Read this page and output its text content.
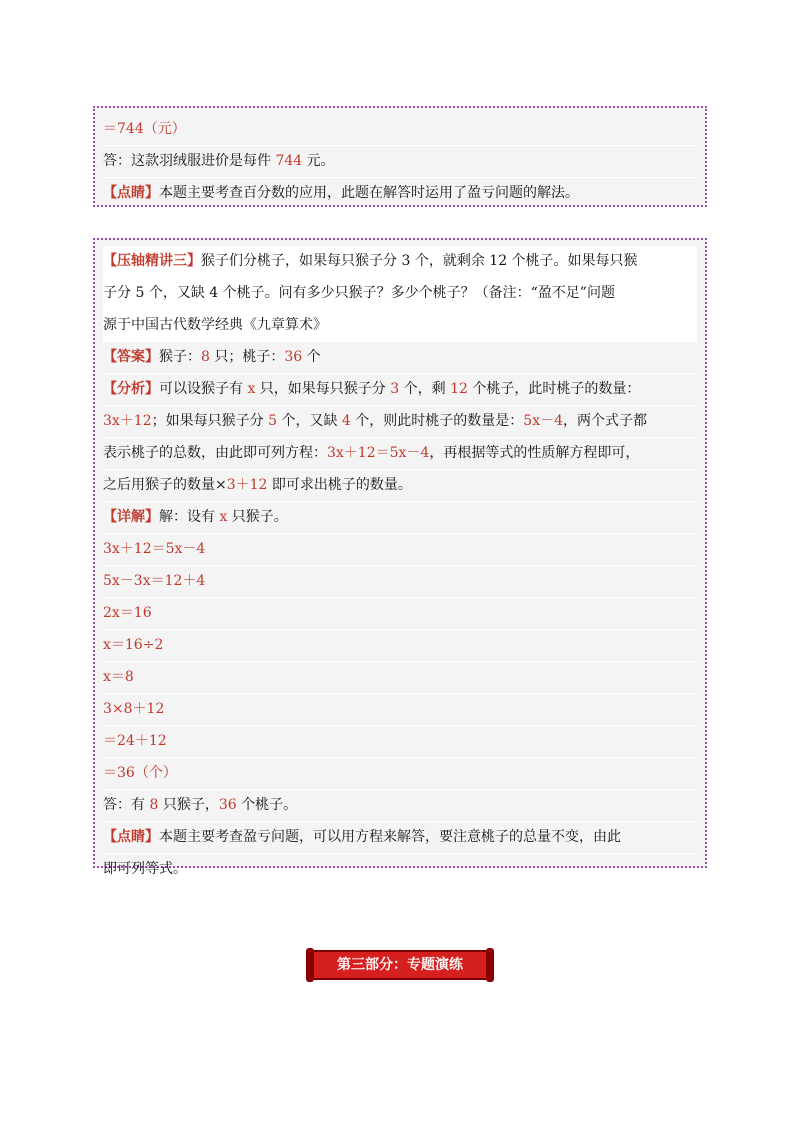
＝744（元）
答：这款羽绒服进价是每件 744 元。
【点睛】本题主要考查百分数的应用，此题在解答时运用了盈亏问题的解法。
【压轴精讲三】猴子们分桃子，如果每只猴子分 3 个，就剩余 12 个桃子。如果每只猴
子分 5 个，又缺 4 个桃子。问有多少只猴子？多少个桃子？（备注：“盈不足”问题
源于中国古代数学经典《九章算术》
【答案】猴子：8 只；桃子：36 个
【分析】可以设猴子有 x 只，如果每只猴子分 3 个，剩 12 个桃子，此时桃子的数量：
3x＋12；如果每只猴子分 5 个，又缺 4 个，则此时桃子的数量是：5x－4，两个式子都
表示桃子的总数，由此即可列方程：3x＋12＝5x－4，再根据等式的性质解方程即可，
之后用猴子的数量×3＋12 即可求出桃子的数量。
【详解】解：设有 x 只猴子。
3x＋12＝5x－4
5x－3x＝12＋4
2x＝16
x＝16÷2
x＝8
3×8＋12
＝24＋12
＝36（个）
答：有 8 只猴子，36 个桃子。
【点睛】本题主要考查盈亏问题，可以用方程来解答，要注意桃子的总量不变，由此
即可列等式。
第三部分：专题演练
